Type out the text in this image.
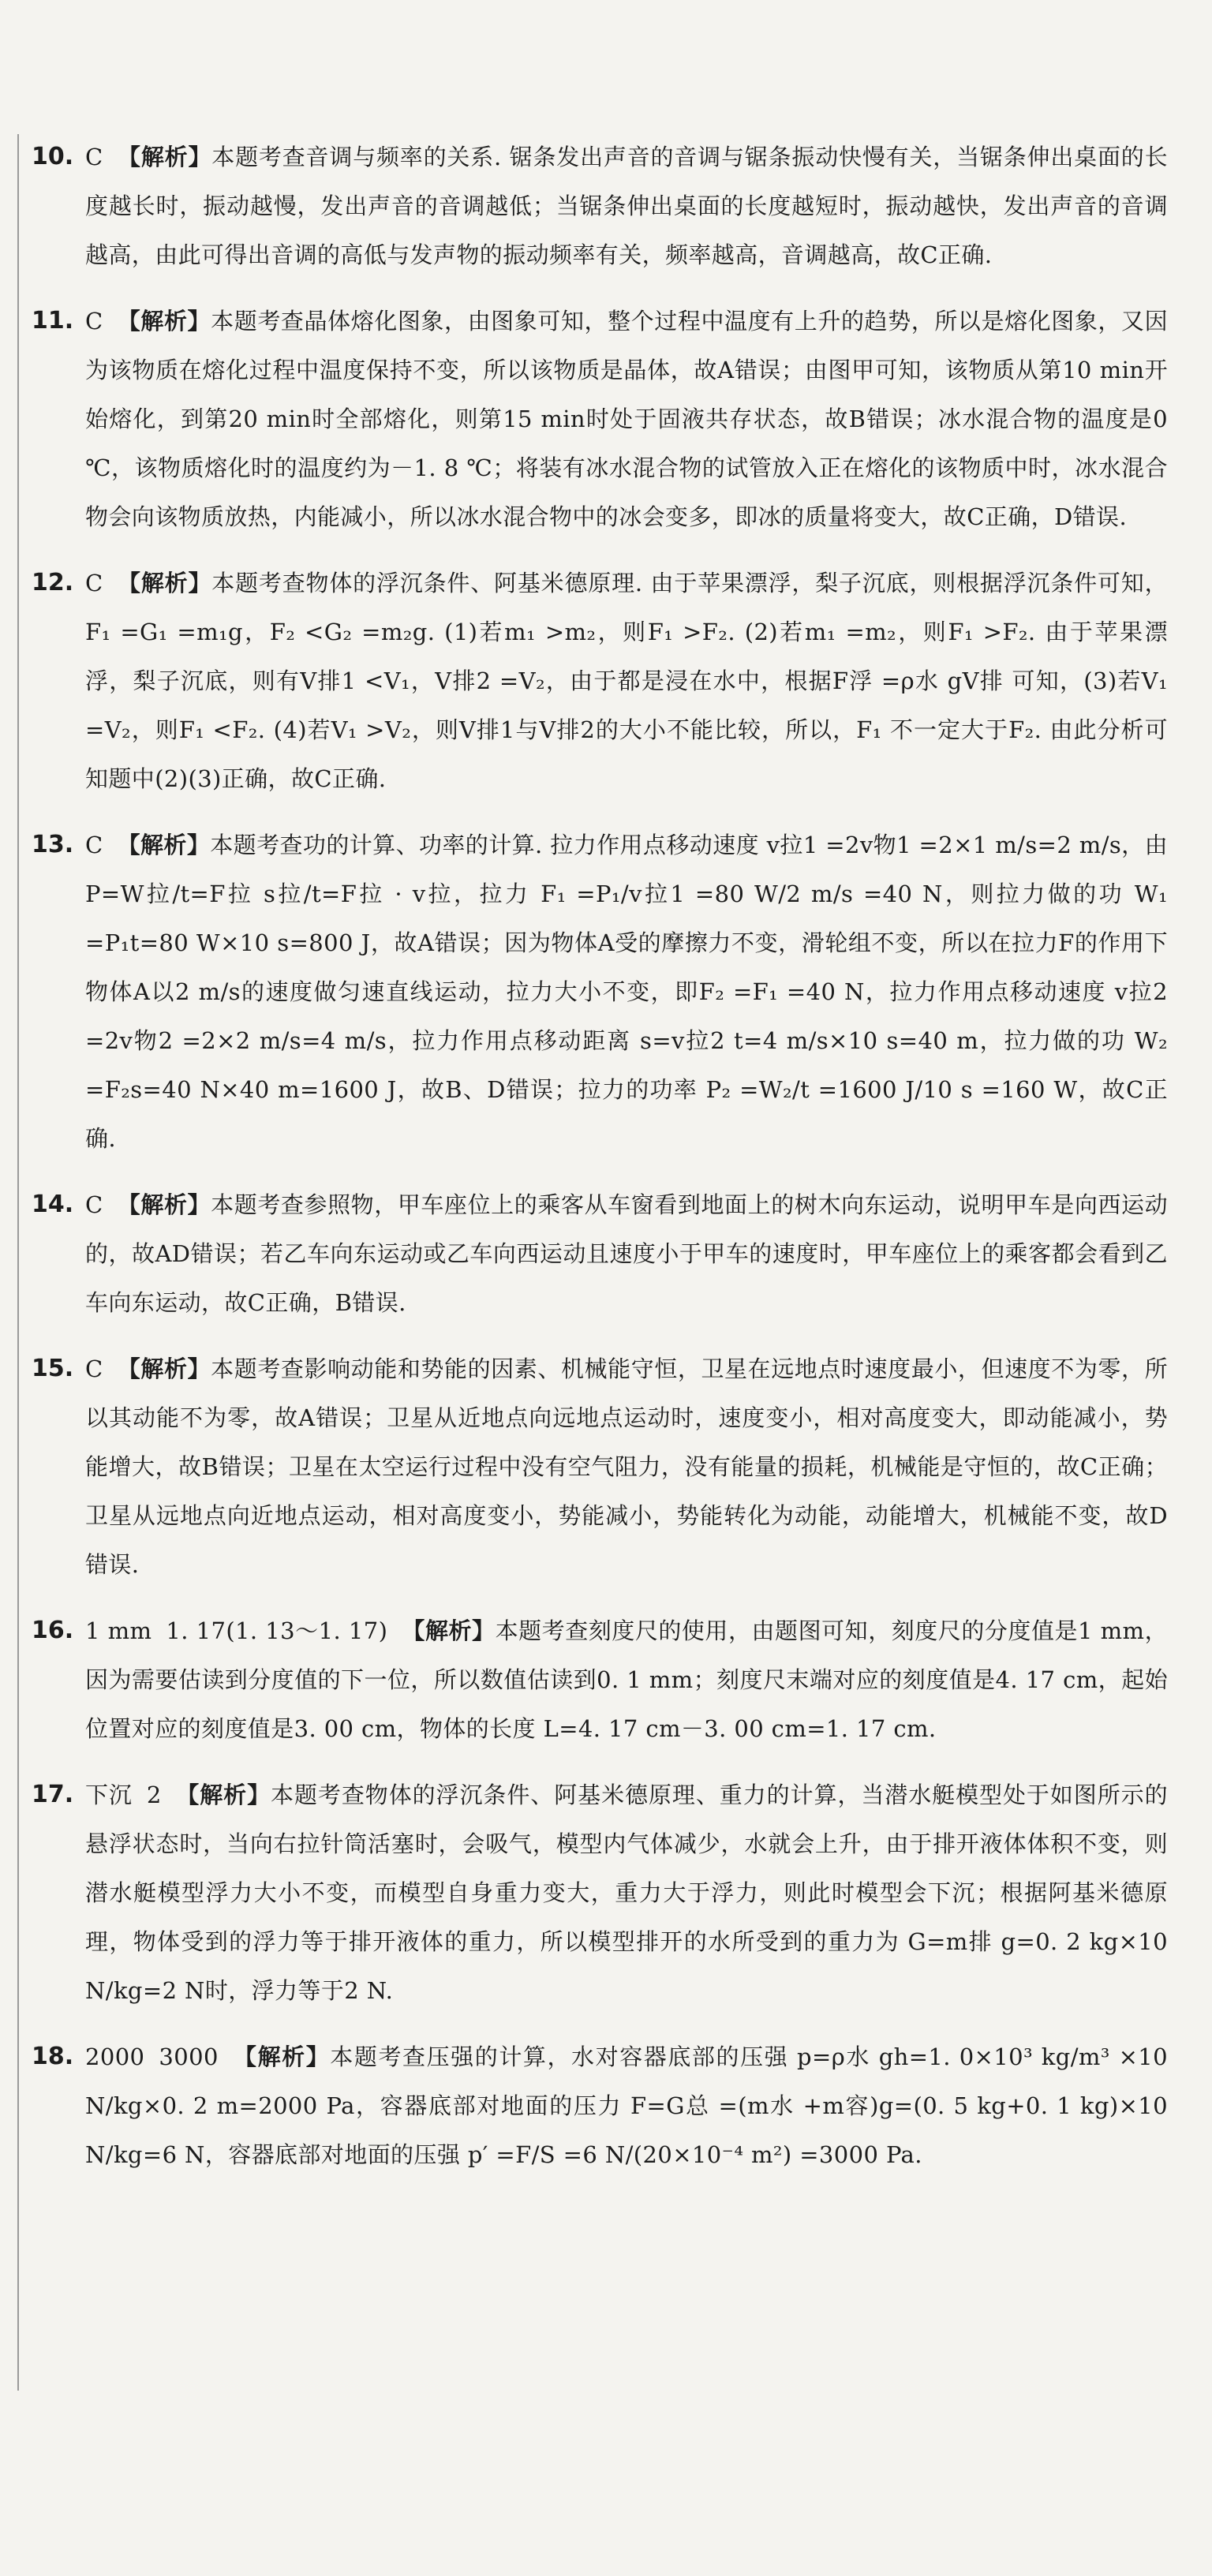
10. C 【解析】本题考查音调与频率的关系. 锯条发出声音的音调与锯条振动快慢有关，当锯条伸出桌面的长度越长时，振动越慢，发出声音的音调越低；当锯条伸出桌面的长度越短时，振动越快，发出声音的音调越高，由此可得出音调的高低与发声物的振动频率有关，频率越高，音调越高，故C正确.
11. C 【解析】本题考查晶体熔化图象，由图象可知，整个过程中温度有上升的趋势，所以是熔化图象，又因为该物质在熔化过程中温度保持不变，所以该物质是晶体，故A错误；由图甲可知，该物质从第10 min开始熔化，到第20 min时全部熔化，则第15 min时处于固液共存状态，故B错误；冰水混合物的温度是0 ℃，该物质熔化时的温度约为－1. 8 ℃；将装有冰水混合物的试管放入正在熔化的该物质中时，冰水混合物会向该物质放热，内能减小，所以冰水混合物中的冰会变多，即冰的质量将变大，故C正确，D错误.
12. C 【解析】本题考查物体的浮沉条件、阿基米德原理. 由于苹果漂浮，梨子沉底，则根据浮沉条件可知，F₁ =G₁ =m₁g，F₂ <G₂ =m₂g. (1)若m₁ >m₂，则F₁ >F₂. (2)若m₁ =m₂，则F₁ >F₂. 由于苹果漂浮，梨子沉底，则有V排1 <V₁，V排2 =V₂，由于都是浸在水中，根据F浮 =ρ水 gV排 可知，(3)若V₁ =V₂，则F₁ <F₂. (4)若V₁ >V₂，则V排1与V排2的大小不能比较，所以，F₁ 不一定大于F₂. 由此分析可知题中(2)(3)正确，故C正确.
13. C 【解析】本题考查功的计算、功率的计算. 拉力作用点移动速度 v拉1 =2v物1 =2×1 m/s=2 m/s，由 P=W拉/t=F拉 s拉/t=F拉 · v拉，拉力 F₁ =P₁/v拉1 =80 W/2 m/s =40 N，则拉力做的功 W₁ =P₁t=80 W×10 s=800 J，故A错误；因为物体A受的摩擦力不变，滑轮组不变，所以在拉力F的作用下物体A以2 m/s的速度做匀速直线运动，拉力大小不变，即F₂ =F₁ =40 N，拉力作用点移动速度 v拉2 =2v物2 =2×2 m/s=4 m/s，拉力作用点移动距离 s=v拉2 t=4 m/s×10 s=40 m，拉力做的功 W₂ =F₂s=40 N×40 m=1600 J，故B、D错误；拉力的功率 P₂ =W₂/t =1600 J/10 s =160 W，故C正确.
14. C 【解析】本题考查参照物，甲车座位上的乘客从车窗看到地面上的树木向东运动，说明甲车是向西运动的，故AD错误；若乙车向东运动或乙车向西运动且速度小于甲车的速度时，甲车座位上的乘客都会看到乙车向东运动，故C正确，B错误.
15. C 【解析】本题考查影响动能和势能的因素、机械能守恒，卫星在远地点时速度最小，但速度不为零，所以其动能不为零，故A错误；卫星从近地点向远地点运动时，速度变小，相对高度变大，即动能减小，势能增大，故B错误；卫星在太空运行过程中没有空气阻力，没有能量的损耗，机械能是守恒的，故C正确；卫星从远地点向近地点运动，相对高度变小，势能减小，势能转化为动能，动能增大，机械能不变，故D错误.
16. 1 mm 1. 17(1. 13～1. 17) 【解析】本题考查刻度尺的使用，由题图可知，刻度尺的分度值是1 mm，因为需要估读到分度值的下一位，所以数值估读到0. 1 mm；刻度尺末端对应的刻度值是4. 17 cm，起始位置对应的刻度值是3. 00 cm，物体的长度 L=4. 17 cm－3. 00 cm=1. 17 cm.
17. 下沉 2 【解析】本题考查物体的浮沉条件、阿基米德原理、重力的计算，当潜水艇模型处于如图所示的悬浮状态时，当向右拉针筒活塞时，会吸气，模型内气体减少，水就会上升，由于排开液体体积不变，则潜水艇模型浮力大小不变，而模型自身重力变大，重力大于浮力，则此时模型会下沉；根据阿基米德原理，物体受到的浮力等于排开液体的重力，所以模型排开的水所受到的重力为 G=m排 g=0. 2 kg×10 N/kg=2 N时，浮力等于2 N.
18. 2000 3000 【解析】本题考查压强的计算，水对容器底部的压强 p=ρ水 gh=1. 0×10³ kg/m³ ×10 N/kg×0. 2 m=2000 Pa，容器底部对地面的压力 F=G总 =(m水 +m容)g=(0. 5 kg+0. 1 kg)×10 N/kg=6 N，容器底部对地面的压强 p′ =F/S =6 N/(20×10⁻⁴ m²) =3000 Pa.
